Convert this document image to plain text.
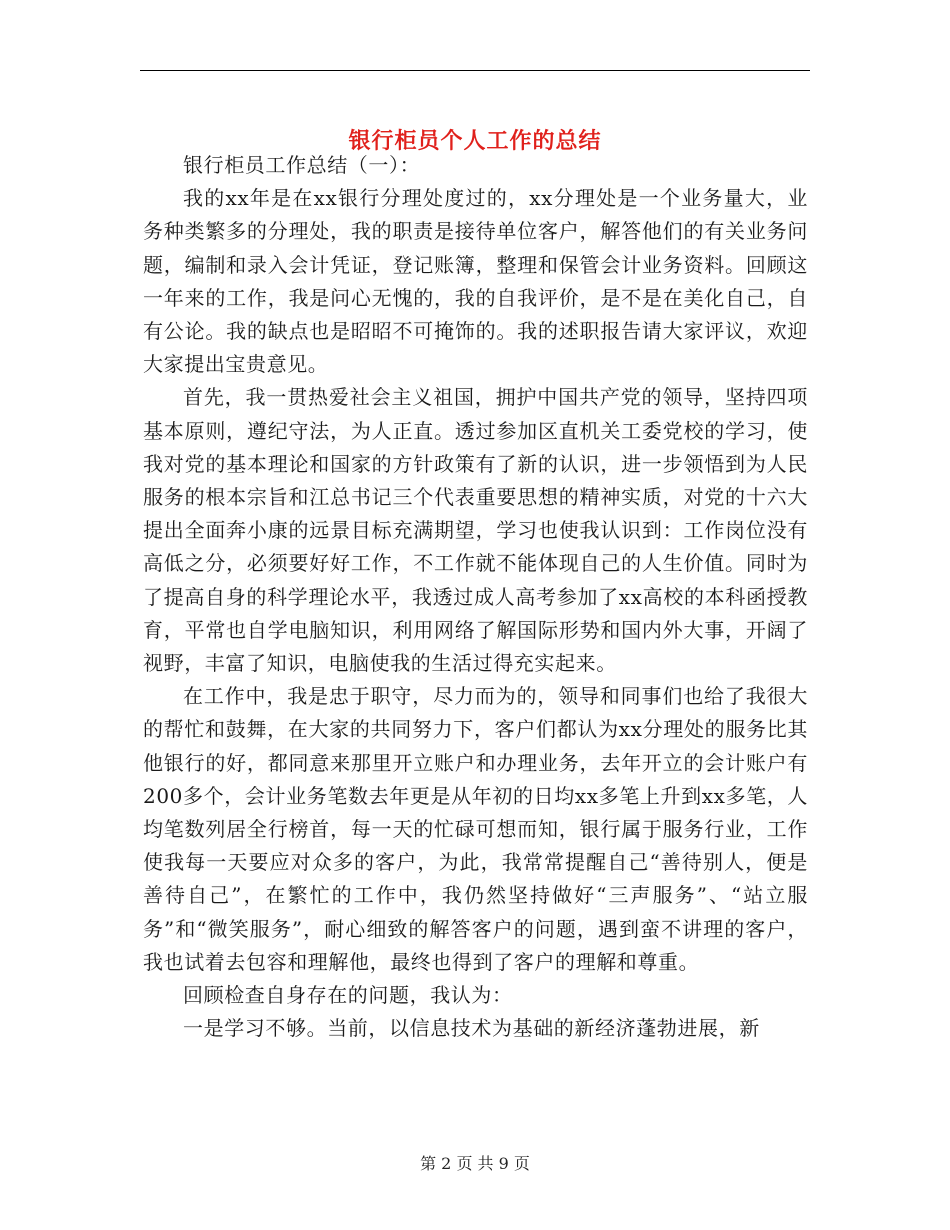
银行柜员个人工作的总结

银行柜员工作总结（一）：

我的xx年是在xx银行分理处度过的，xx分理处是一个业务量大，业务种类繁多的分理处，我的职责是接待单位客户，解答他们的有关业务问题，编制和录入会计凭证，登记账簿，整理和保管会计业务资料。回顾这一年来的工作，我是问心无愧的，我的自我评价，是不是在美化自己，自有公论。我的缺点也是昭昭不可掩饰的。我的述职报告请大家评议，欢迎大家提出宝贵意见。

首先，我一贯热爱社会主义祖国，拥护中国共产党的领导，坚持四项基本原则，遵纪守法，为人正直。透过参加区直机关工委党校的学习，使我对党的基本理论和国家的方针政策有了新的认识，进一步领悟到为人民服务的根本宗旨和江总书记三个代表重要思想的精神实质，对党的十六大提出全面奔小康的远景目标充满期望，学习也使我认识到：工作岗位没有高低之分，必须要好好工作，不工作就不能体现自己的人生价值。同时为了提高自身的科学理论水平，我透过成人高考参加了xx高校的本科函授教育，平常也自学电脑知识，利用网络了解国际形势和国内外大事，开阔了视野，丰富了知识，电脑使我的生活过得充实起来。

在工作中，我是忠于职守，尽力而为的，领导和同事们也给了我很大的帮忙和鼓舞，在大家的共同努力下，客户们都认为xx分理处的服务比其他银行的好，都同意来那里开立账户和办理业务，去年开立的会计账户有200多个，会计业务笔数去年更是从年初的日均xx多笔上升到xx多笔，人均笔数列居全行榜首，每一天的忙碌可想而知，银行属于服务行业，工作使我每一天要应对众多的客户，为此，我常常提醒自己“善待别人，便是善待自己”，在繁忙的工作中，我仍然坚持做好“三声服务”、“站立服务”和“微笑服务”，耐心细致的解答客户的问题，遇到蛮不讲理的客户，我也试着去包容和理解他，最终也得到了客户的理解和尊重。

回顾检查自身存在的问题，我认为：

一是学习不够。当前，以信息技术为基础的新经济蓬勃进展，新

第 2 页 共 9 页
